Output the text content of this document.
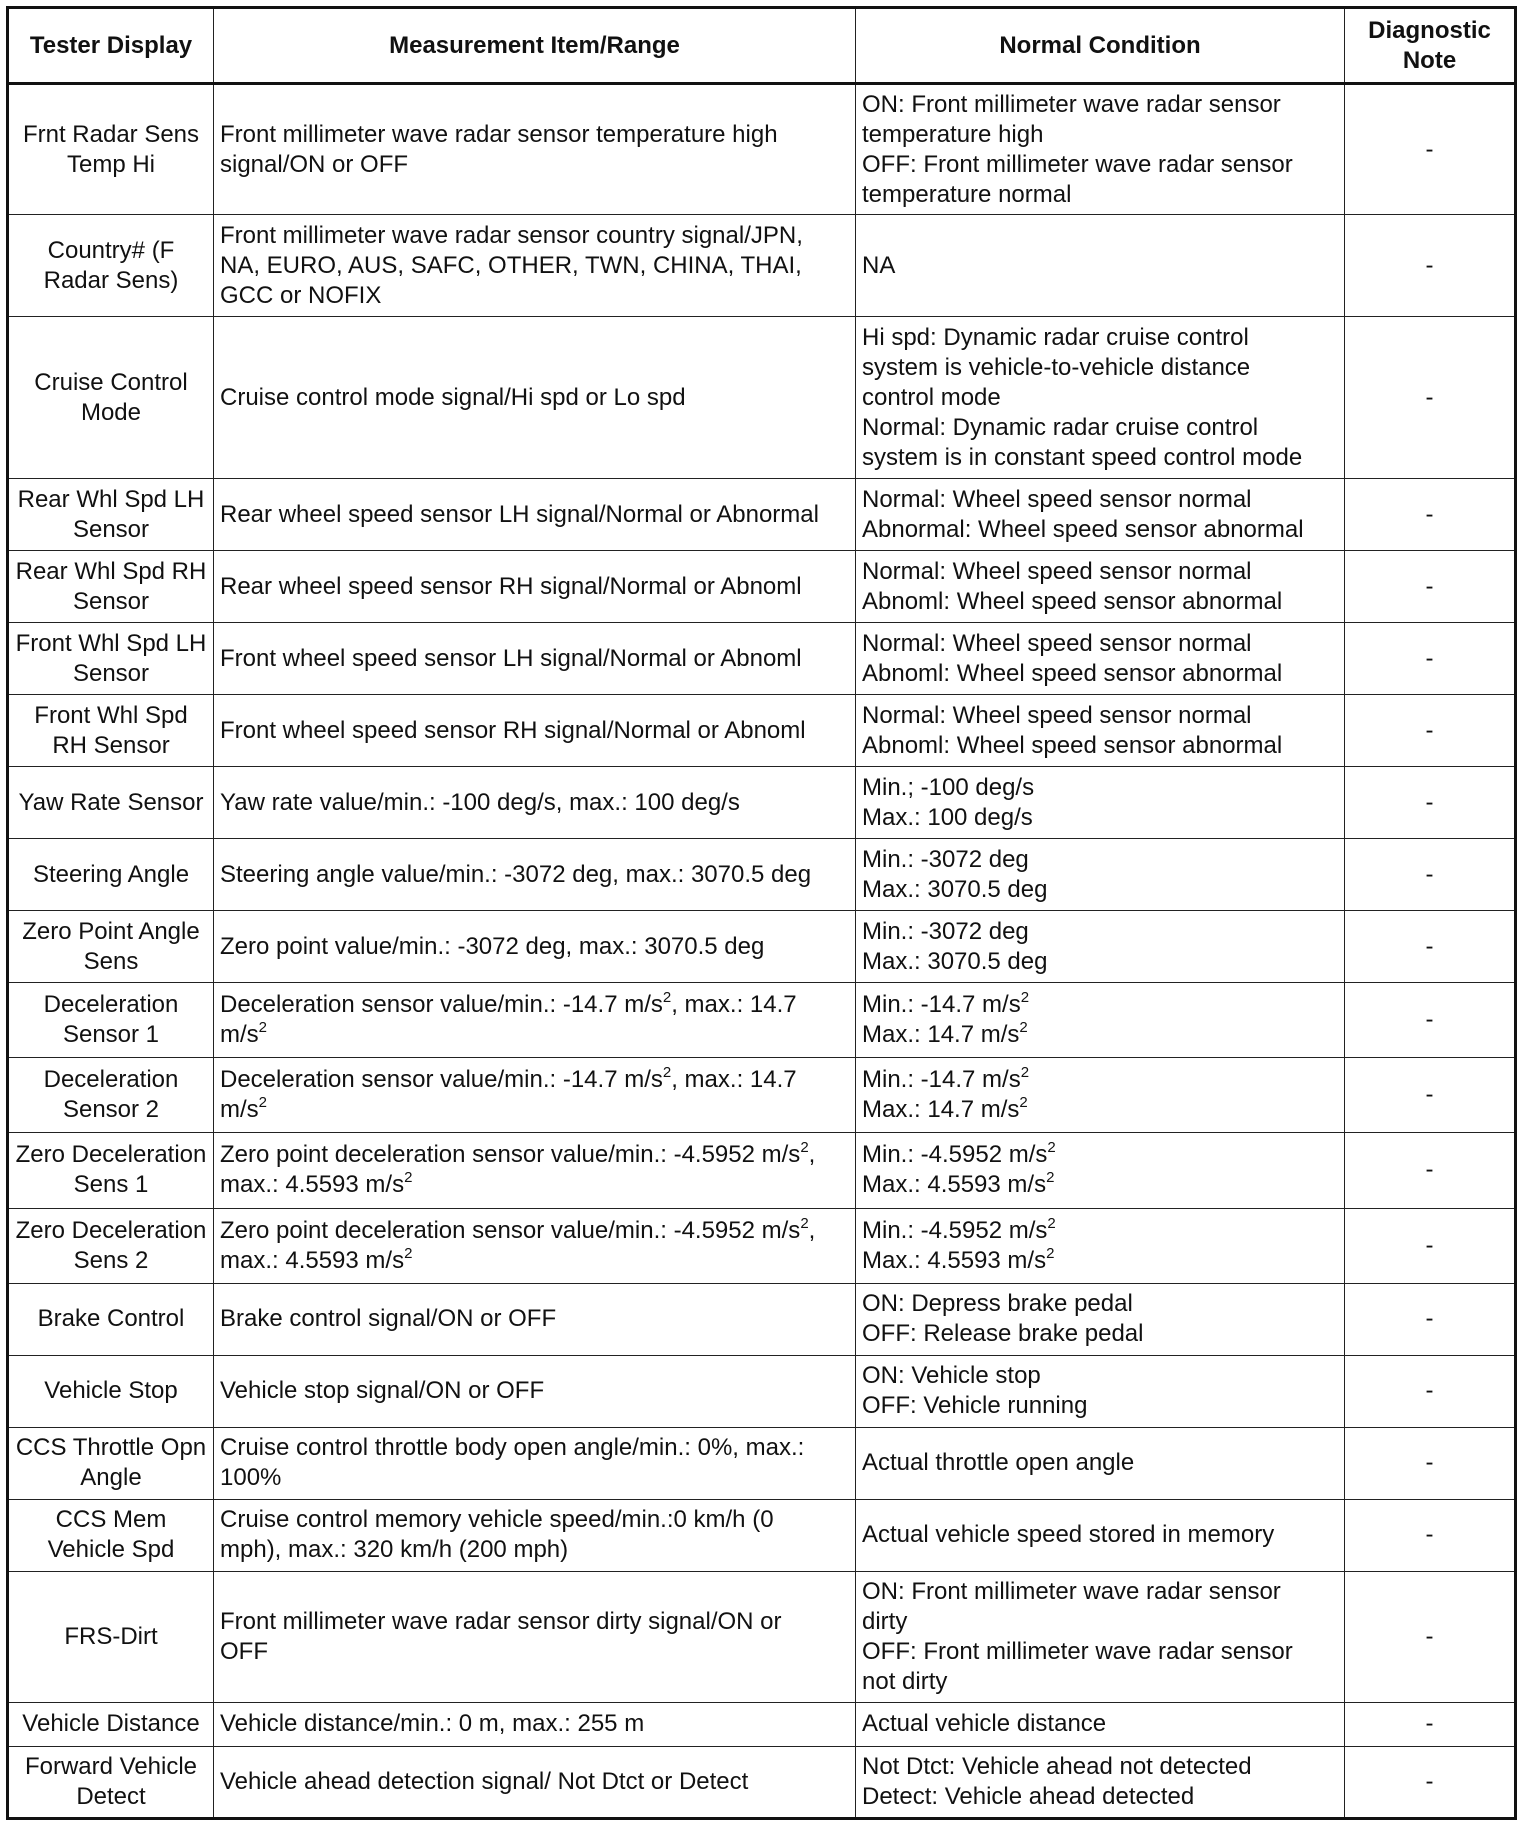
Tester Display	Measurement Item/Range	Normal Condition	Diagnostic
Note

Frnt Radar Sens
Temp Hi	Front millimeter wave radar sensor temperature high
signal/ON or OFF	ON: Front millimeter wave radar sensor
temperature high
OFF: Front millimeter wave radar sensor
temperature normal	-

Country# (F
Radar Sens)	Front millimeter wave radar sensor country signal/JPN,
NA, EURO, AUS, SAFC, OTHER, TWN, CHINA, THAI,
GCC or NOFIX	NA	-

Cruise Control
Mode	Cruise control mode signal/Hi spd or Lo spd	Hi spd: Dynamic radar cruise control
system is vehicle-to-vehicle distance
control mode
Normal: Dynamic radar cruise control
system is in constant speed control mode	-

Rear Whl Spd LH
Sensor	Rear wheel speed sensor LH signal/Normal or Abnormal	Normal: Wheel speed sensor normal
Abnormal: Wheel speed sensor abnormal	-

Rear Whl Spd RH
Sensor	Rear wheel speed sensor RH signal/Normal or Abnoml	Normal: Wheel speed sensor normal
Abnoml: Wheel speed sensor abnormal	-

Front Whl Spd LH
Sensor	Front wheel speed sensor LH signal/Normal or Abnoml	Normal: Wheel speed sensor normal
Abnoml: Wheel speed sensor abnormal	-

Front Whl Spd
RH Sensor	Front wheel speed sensor RH signal/Normal or Abnoml	Normal: Wheel speed sensor normal
Abnoml: Wheel speed sensor abnormal	-

Yaw Rate Sensor	Yaw rate value/min.: -100 deg/s, max.: 100 deg/s	Min.; -100 deg/s
Max.: 100 deg/s	-

Steering Angle	Steering angle value/min.: -3072 deg, max.: 3070.5 deg	Min.: -3072 deg
Max.: 3070.5 deg	-

Zero Point Angle
Sens	Zero point value/min.: -3072 deg, max.: 3070.5 deg	Min.: -3072 deg
Max.: 3070.5 deg	-

Deceleration
Sensor 1	Deceleration sensor value/min.: -14.7 $m/s^2$, max.: 14.7
$m/s^2$	Min.: -14.7 $m/s^2$
Max.: 14.7 $m/s^2$	-

Deceleration
Sensor 2	Deceleration sensor value/min.: -14.7 $m/s^2$, max.: 14.7
$m/s^2$	Min.: -14.7 $m/s^2$
Max.: 14.7 $m/s^2$	-

Zero Deceleration
Sens 1	Zero point deceleration sensor value/min.: -4.5952 $m/s^2$,
max.: 4.5593 $m/s^2$	Min.: -4.5952 $m/s^2$
Max.: 4.5593 $m/s^2$	-

Zero Deceleration
Sens 2	Zero point deceleration sensor value/min.: -4.5952 $m/s^2$,
max.: 4.5593 $m/s^2$	Min.: -4.5952 $m/s^2$
Max.: 4.5593 $m/s^2$	-

Brake Control	Brake control signal/ON or OFF	ON: Depress brake pedal
OFF: Release brake pedal	-

Vehicle Stop	Vehicle stop signal/ON or OFF	ON: Vehicle stop
OFF: Vehicle running	-

CCS Throttle Opn
Angle	Cruise control throttle body open angle/min.: 0%, max.:
100%	Actual throttle open angle	-

CCS Mem
Vehicle Spd	Cruise control memory vehicle speed/min.:0 km/h (0
mph), max.: 320 km/h (200 mph)	Actual vehicle speed stored in memory	-

FRS-Dirt	Front millimeter wave radar sensor dirty signal/ON or
OFF	ON: Front millimeter wave radar sensor
dirty
OFF: Front millimeter wave radar sensor
not dirty	-

Vehicle Distance	Vehicle distance/min.: 0 m, max.: 255 m	Actual vehicle distance	-

Forward Vehicle
Detect	Vehicle ahead detection signal/ Not Dtct or Detect	Not Dtct: Vehicle ahead not detected
Detect: Vehicle ahead detected	-
